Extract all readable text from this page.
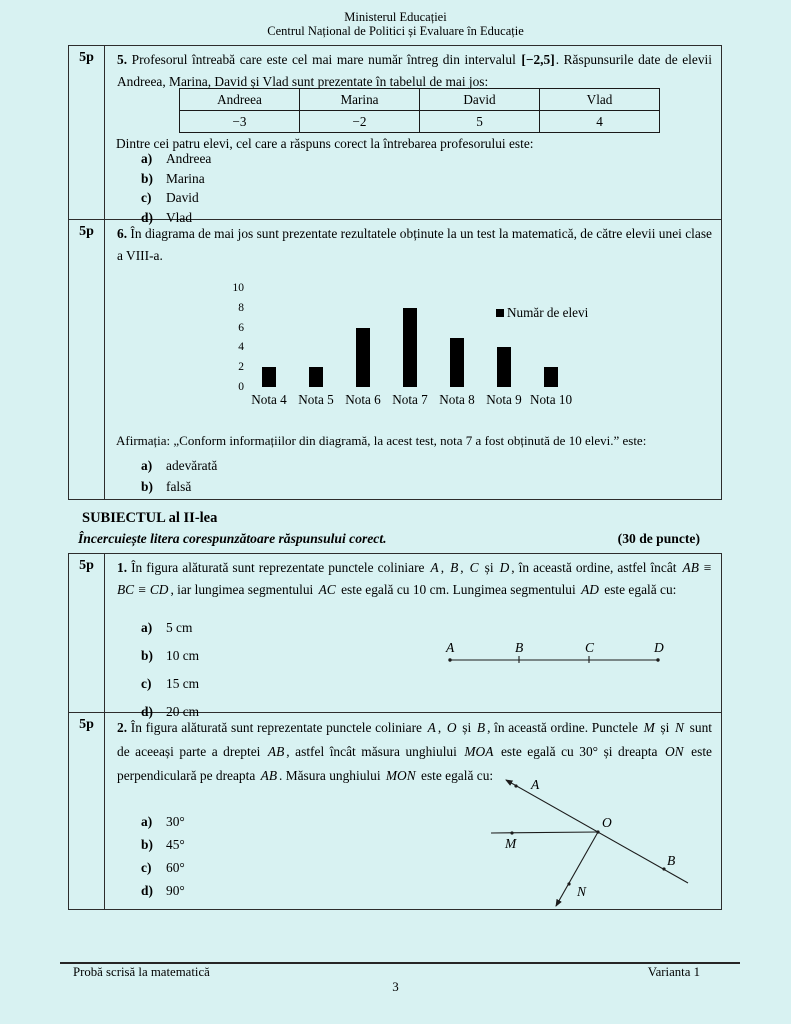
Ministerul Educației
Centrul Național de Politici și Evaluare în Educație
5p	5. Profesorul întreabă care este cel mai mare număr întreg din intervalul [−2,5]. Răspunsurile date de elevii Andreea, Marina, David și Vlad sunt prezentate în tabelul de mai jos:
Andreea	Marina	David	Vlad
−3	−2	5	4
Dintre cei patru elevi, cel care a răspuns corect la întrebarea profesorului este:
a) Andreea
b) Marina
c) David
d) Vlad

5p	6. În diagrama de mai jos sunt prezentate rezultatele obținute la un test la matematică, de către elevii unei clase a VIII-a.
Număr de elevi
0
2
4
6
8
10
Nota 4 Nota 5 Nota 6 Nota 7 Nota 8 Nota 9 Nota 10
Afirmația: „Conform informațiilor din diagramă, la acest test, nota 7 a fost obținută de 10 elevi.” este:
a) adevărată
b) falsă
SUBIECTUL al II-lea
Încercuiește litera corespunzătoare răspunsului corect.	(30 de puncte)
5p	1. În figura alăturată sunt reprezentate punctele coliniare A , B , C și D , în această ordine, astfel încât AB ≡ BC ≡ CD , iar lungimea segmentului AC este egală cu 10 cm. Lungimea segmentului AD este egală cu:
a) 5 cm
b) 10 cm
c) 15 cm
d) 20 cm
A	B	C	D

5p	2. În figura alăturată sunt reprezentate punctele coliniare A , O și B , în această ordine. Punctele M și N sunt de aceeași parte a dreptei AB , astfel încât măsura unghiului MOA este egală cu 30° și dreapta ON este perpendiculară pe dreapta AB . Măsura unghiului MON este egală cu:
a) 30°
b) 45°
c) 60°
d) 90°
A
O
B
M
N
Probă scrisă la matematică	Varianta 1
3
